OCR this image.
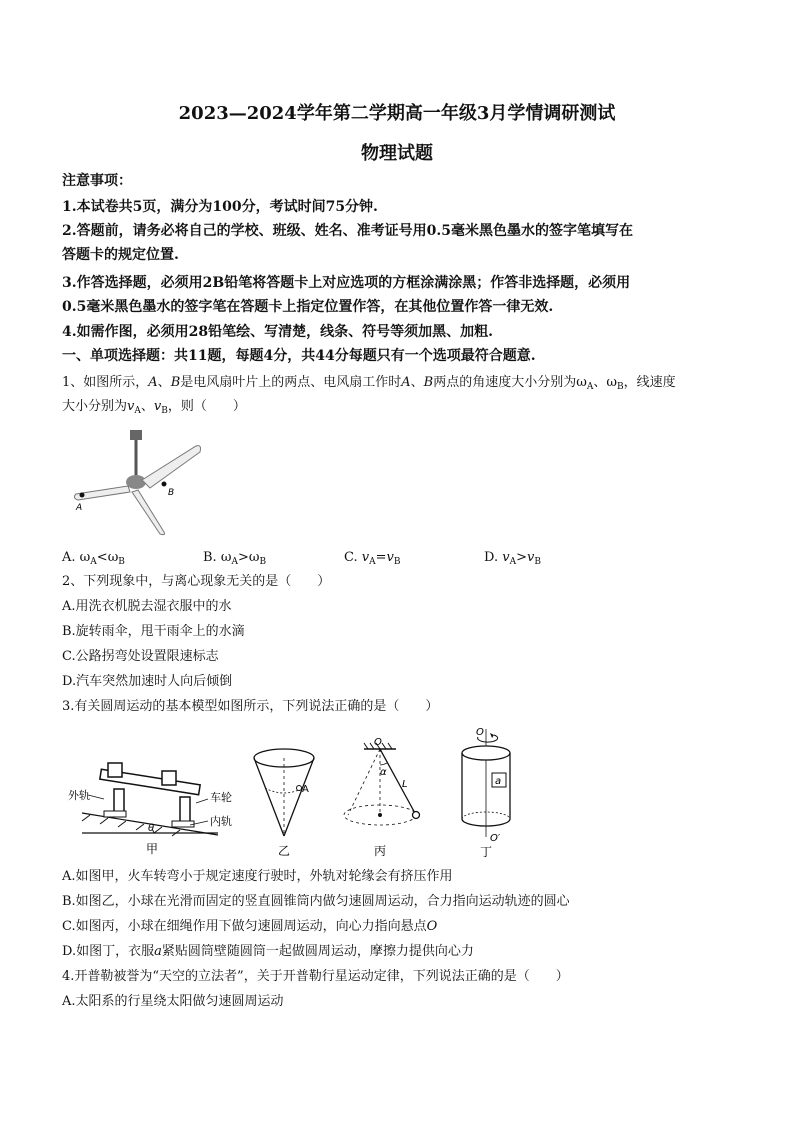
2023—2024学年第二学期高一年级3月学情调研测试
物理试题
注意事项：
1.本试卷共5页，满分为100分，考试时间75分钟.
2.答题前，请务必将自己的学校、班级、姓名、准考证号用0.5毫米黑色墨水的签字笔填写在
答题卡的规定位置.
3.作答选择题，必须用2B铅笔将答题卡上对应选项的方框涂满涂黑；作答非选择题，必须用
0.5毫米黑色墨水的签字笔在答题卡上指定位置作答，在其他位置作答一律无效.
4.如需作图，必须用28铅笔绘、写清楚，线条、符号等须加黑、加粗.
一、单项选择题：共11题，每题4分，共44分每题只有一个选项最符合题意.
1、如图所示，A、B是电风扇叶片上的两点、电风扇工作时A、B两点的角速度大小分别为$\omega_A$、$\omega_B$，线速度
大小分别为$v_A$、$v_B$，则（　　）
A
B
A. $\omega_A<\omega_B$	B. $\omega_A>\omega_B$	C. $v_A=v_B$	D. $v_A>v_B$
2、下列现象中，与离心现象无关的是（　　）
A.用洗衣机脱去湿衣服中的水
B.旋转雨伞，甩干雨伞上的水滴
C.公路拐弯处设置限速标志
D.汽车突然加速时人向后倾倒
3.有关圆周运动的基本模型如图所示，下列说法正确的是（　　）
外轨	车轮
内轨
θ
甲
A
乙
O
α
L
丙
a
O
O′
丁
A.如图甲，火车转弯小于规定速度行驶时，外轨对轮缘会有挤压作用
B.如图乙，小球在光滑而固定的竖直圆锥筒内做匀速圆周运动，合力指向运动轨迹的圆心
C.如图丙，小球在细绳作用下做匀速圆周运动，向心力指向悬点O
D.如图丁，衣服a紧贴圆筒壁随圆筒一起做圆周运动，摩擦力提供向心力
4.开普勒被誉为“天空的立法者”，关于开普勒行星运动定律，下列说法正确的是（　　）
A.太阳系的行星绕太阳做匀速圆周运动
